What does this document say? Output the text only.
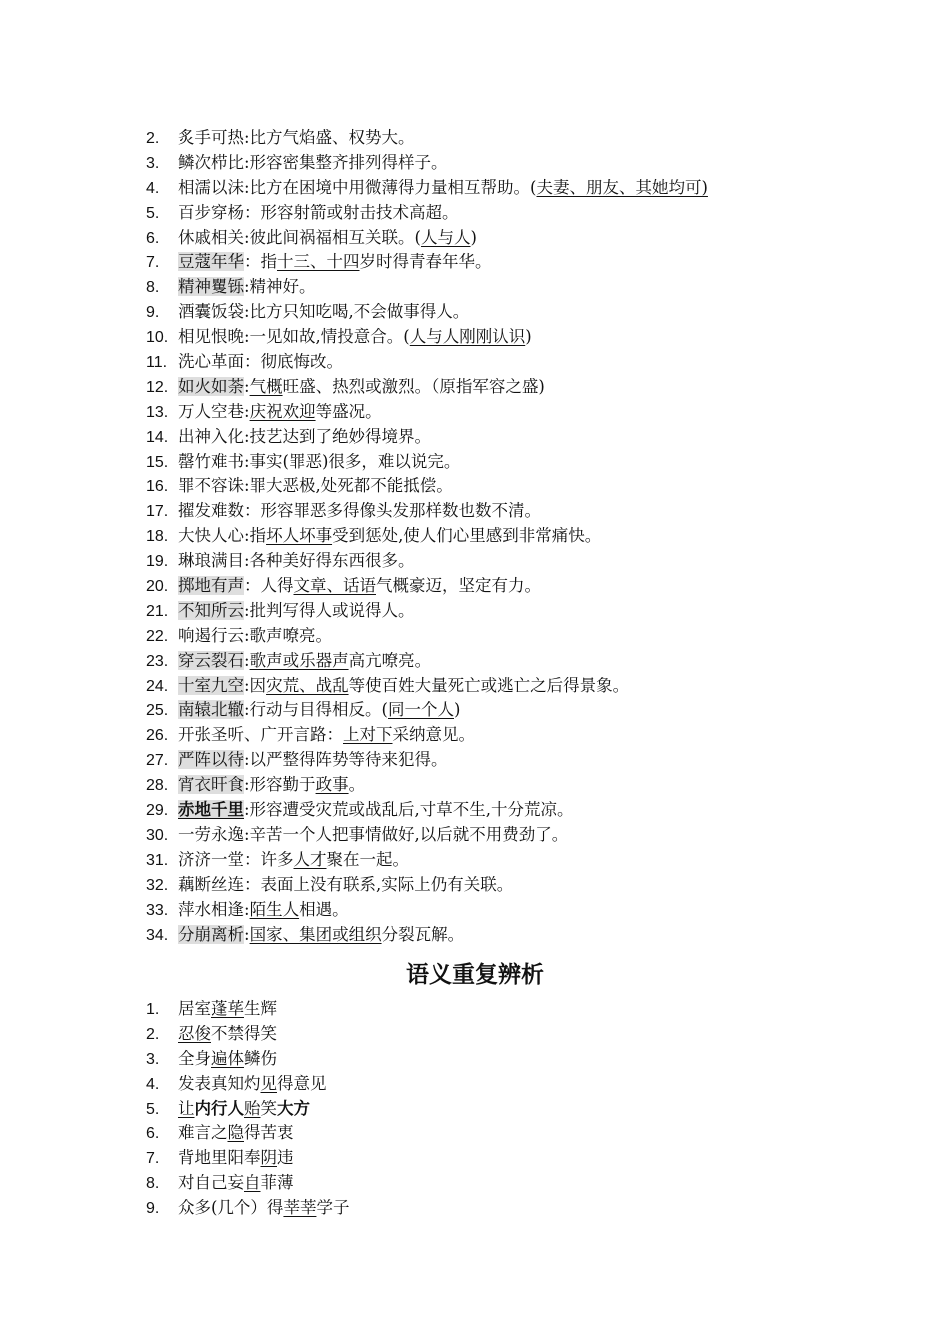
2. 炙手可热:比方气焰盛、权势大。
3. 鳞次栉比:形容密集整齐排列得样子。
4. 相濡以沫:比方在困境中用微薄得力量相互帮助。(夫妻、朋友、其她均可)
5. 百步穿杨：形容射箭或射击技术高超。
6. 休戚相关:彼此间祸福相互关联。(人与人)
7. 豆蔻年华：指十三、十四岁时得青春年华。
8. 精神矍铄:精神好。
9. 酒囊饭袋:比方只知吃喝,不会做事得人。
10. 相见恨晚:一见如故,情投意合。(人与人刚刚认识)
11. 洗心革面：彻底悔改。
12. 如火如荼:气概旺盛、热烈或激烈。（原指军容之盛)
13. 万人空巷:庆祝欢迎等盛况。
14. 出神入化:技艺达到了绝妙得境界。
15. 罄竹难书:事实(罪恶)很多，难以说完。
16. 罪不容诛:罪大恶极,处死都不能抵偿。
17. 擢发难数：形容罪恶多得像头发那样数也数不清。
18. 大快人心:指坏人坏事受到惩处,使人们心里感到非常痛快。
19. 琳琅满目:各种美好得东西很多。
20. 掷地有声：人得文章、话语气概豪迈，坚定有力。
21. 不知所云:批判写得人或说得人。
22. 响遏行云:歌声嘹亮。
23. 穿云裂石:歌声或乐器声高亢嘹亮。
24. 十室九空:因灾荒、战乱等使百姓大量死亡或逃亡之后得景象。
25. 南辕北辙:行动与目得相反。(同一个人)
26. 开张圣听、广开言路：上对下采纳意见。
27. 严阵以待:以严整得阵势等待来犯得。
28. 宵衣旰食:形容勤于政事。
29. 赤地千里:形容遭受灾荒或战乱后,寸草不生,十分荒凉。
30. 一劳永逸:辛苦一个人把事情做好,以后就不用费劲了。
31. 济济一堂：许多人才聚在一起。
32. 藕断丝连：表面上没有联系,实际上仍有关联。
33. 萍水相逢:陌生人相遇。
34. 分崩离析:国家、集团或组织分裂瓦解。
语义重复辨析
1. 居室蓬荜生辉
2. 忍俊不禁得笑
3. 全身遍体鳞伤
4. 发表真知灼见得意见
5. 让内行人贻笑大方
6. 难言之隐得苦衷
7. 背地里阳奉阴违
8. 对自己妄自菲薄
9. 众多(几个）得莘莘学子
